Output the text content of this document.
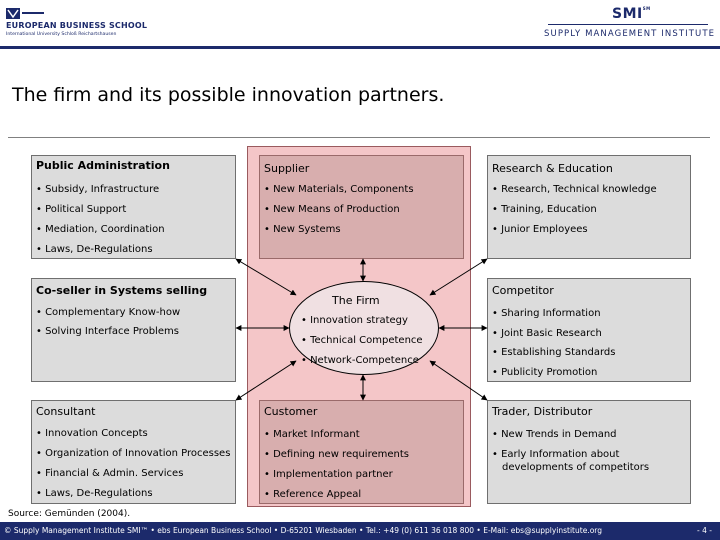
EUROPEAN BUSINESS SCHOOL
International University Schloß Reichartshausen
SMI℠
SUPPLY MANAGEMENT INSTITUTE
The firm and its possible innovation partners.
Public Administration
• Subsidy, Infrastructure
• Political Support
• Mediation, Coordination
• Laws, De-Regulations
Supplier
• New Materials, Components
• New Means of Production
• New Systems
Research & Education
• Research, Technical knowledge
• Training, Education
• Junior Employees
Co-seller in Systems selling
• Complementary Know-how
• Solving Interface Problems
Competitor
• Sharing Information
• Joint Basic Research
• Establishing Standards
• Publicity Promotion
Consultant
• Innovation Concepts
• Organization of Innovation Processes
• Financial & Admin. Services
• Laws, De-Regulations
Customer
• Market Informant
• Defining new requirements
• Implementation partner
• Reference Appeal
Trader, Distributor
• New Trends in Demand
• Early Information about
developments of competitors
The Firm
• Innovation strategy
• Technical Competence
• Network-Competence
Source: Gemünden (2004).
© Supply Management Institute SMI™ • ebs European Business School • D-65201 Wiesbaden • Tel.: +49 (0) 611 36 018 800 • E-Mail: ebs@supplyinstitute.org	- 4 -
